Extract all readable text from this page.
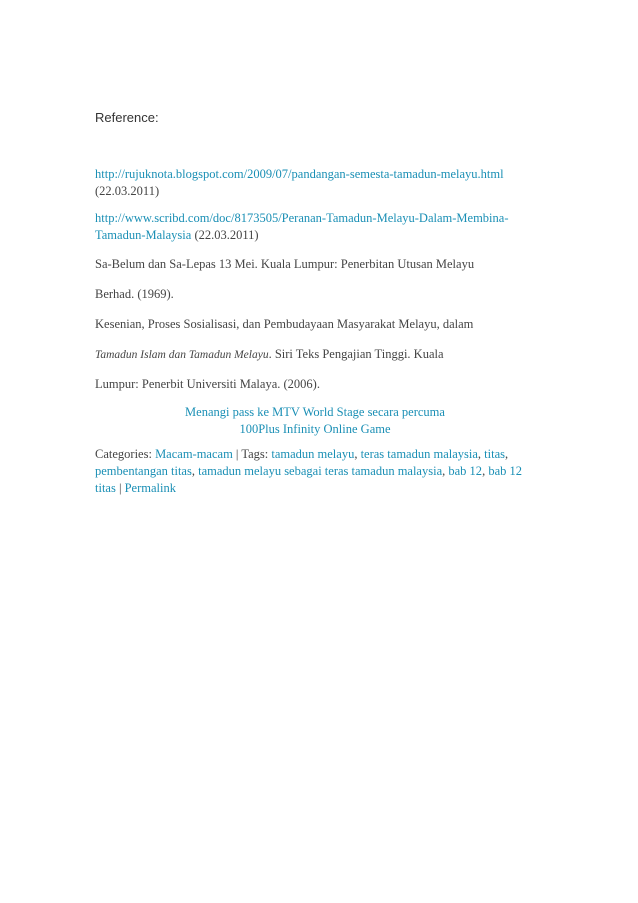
Reference:
http://rujuknota.blogspot.com/2009/07/pandangan-semesta-tamadun-melayu.html
(22.03.2011)
http://www.scribd.com/doc/8173505/Peranan-Tamadun-Melayu-Dalam-Membina-
Tamadun-Malaysia (22.03.2011)
Sa-Belum dan Sa-Lepas 13 Mei. Kuala Lumpur: Penerbitan Utusan Melayu
Berhad. (1969).
Kesenian, Proses Sosialisasi, dan Pembudayaan Masyarakat Melayu, dalam
Tamadun Islam dan Tamadun Melayu. Siri Teks Pengajian Tinggi. Kuala
Lumpur: Penerbit Universiti Malaya. (2006).
Menangi pass ke MTV World Stage secara percuma
100Plus Infinity Online Game
Categories: Macam-macam | Tags: tamadun melayu, teras tamadun malaysia, titas, pembentangan titas, tamadun melayu sebagai teras tamadun malaysia, bab 12, bab 12 titas | Permalink
